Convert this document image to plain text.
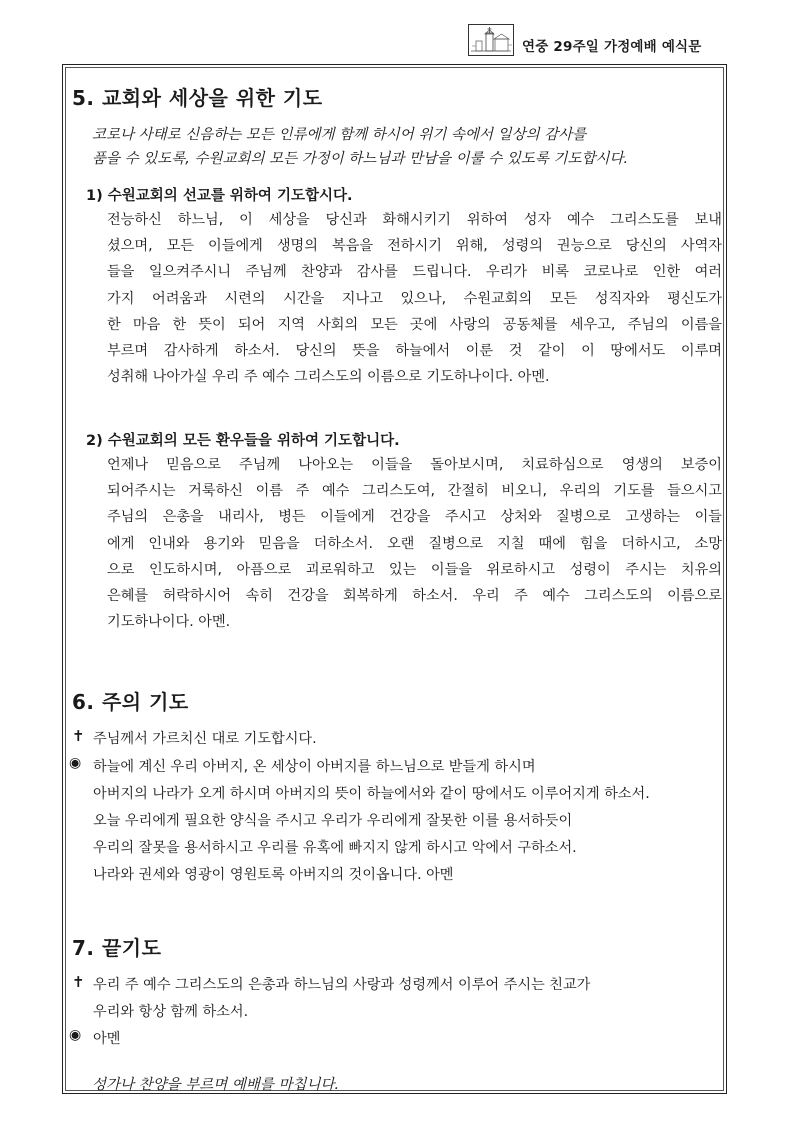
연중 29주일 가정예배 예식문
5. 교회와 세상을 위한 기도
코로나 사태로 신음하는 모든 인류에게 함께 하시어 위기 속에서 일상의 감사를
품을 수 있도록, 수원교회의 모든 가정이 하느님과 만남을 이룰 수 있도록 기도합시다.
1) 수원교회의 선교를 위하여 기도합시다.
전능하신 하느님, 이 세상을 당신과 화해시키기 위하여 성자 예수 그리스도를 보내
셨으며, 모든 이들에게 생명의 복음을 전하시기 위해, 성령의 권능으로 당신의 사역자
들을 일으켜주시니 주님께 찬양과 감사를 드립니다. 우리가 비록 코로나로 인한 여러
가지 어려움과 시련의 시간을 지나고 있으나, 수원교회의 모든 성직자와 평신도가
한 마음 한 뜻이 되어 지역 사회의 모든 곳에 사랑의 공동체를 세우고, 주님의 이름을
부르며 감사하게 하소서. 당신의 뜻을 하늘에서 이룬 것 같이 이 땅에서도 이루며
성취해 나아가실 우리 주 예수 그리스도의 이름으로 기도하나이다. 아멘.
2) 수원교회의 모든 환우들을 위하여 기도합니다.
언제나 믿음으로 주님께 나아오는 이들을 돌아보시며, 치료하심으로 영생의 보증이
되어주시는 거룩하신 이름 주 예수 그리스도여, 간절히 비오니, 우리의 기도를 들으시고
주님의 은총을 내리사, 병든 이들에게 건강을 주시고 상처와 질병으로 고생하는 이들
에게 인내와 용기와 믿음을 더하소서. 오랜 질병으로 지칠 때에 힘을 더하시고, 소망
으로 인도하시며, 아픔으로 괴로워하고 있는 이들을 위로하시고 성령이 주시는 치유의
은혜를 허락하시어 속히 건강을 회복하게 하소서. 우리 주 예수 그리스도의 이름으로
기도하나이다. 아멘.
6. 주의 기도
✝ 주님께서 가르치신 대로 기도합시다.
◉ 하늘에 계신 우리 아버지, 온 세상이 아버지를 하느님으로 받들게 하시며
아버지의 나라가 오게 하시며 아버지의 뜻이 하늘에서와 같이 땅에서도 이루어지게 하소서.
오늘 우리에게 필요한 양식을 주시고 우리가 우리에게 잘못한 이를 용서하듯이
우리의 잘못을 용서하시고 우리를 유혹에 빠지지 않게 하시고 악에서 구하소서.
나라와 권세와 영광이 영원토록 아버지의 것이옵니다. 아멘
7. 끝기도
✝ 우리 주 예수 그리스도의 은총과 하느님의 사랑과 성령께서 이루어 주시는 친교가
우리와 항상 함께 하소서.
◉ 아멘
성가나 찬양을 부르며 예배를 마칩니다.
